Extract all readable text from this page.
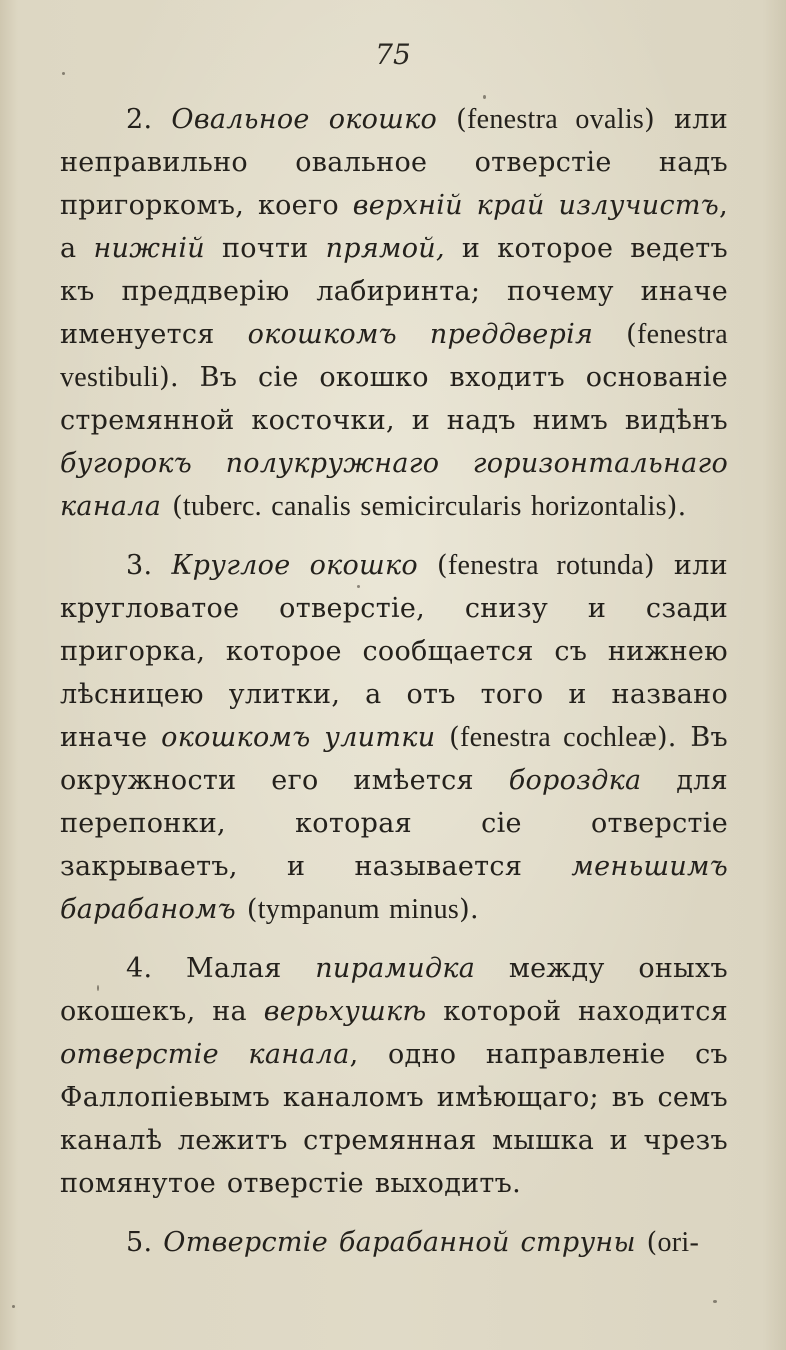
75

2. Овальное окошко (fenestra ovalis) или неправильно овальное отверстіе надъ пригоркомъ, коего верхній край излучистъ, а нижній почти прямой, и которое ведетъ къ преддверію лабиринта; почему иначе именуется окошкомъ преддверія (fenestra vestibuli). Въ сіе окошко входитъ основаніе стремянной косточки, и надъ нимъ видѣнъ бугорокъ полукружнаго горизонтальнаго канала (tuberc. canalis semicircularis horizontalis).

3. Круглое окошко (fenestra rotunda) или кругловатое отверстіе, снизу и сзади пригорка, которое сообщается съ нижнею лѣсницею улитки, а отъ того и названо иначе окошкомъ улитки (fenestra cochleæ). Въ окружности его имѣется бороздка для перепонки, которая сіе отверстіе закрываетъ, и называется меньшимъ барабаномъ (tympanum minus).

4. Малая пирамидка между оныхъ окошекъ, на верьхушкѣ которой находится отверстіе канала, одно направленіе съ Фаллопіевымъ каналомъ имѣющаго; въ семъ каналѣ лежитъ стремянная мышка и чрезъ помянутое отверстіе выходитъ.

5. Отверстіе барабанной струны (ori-
